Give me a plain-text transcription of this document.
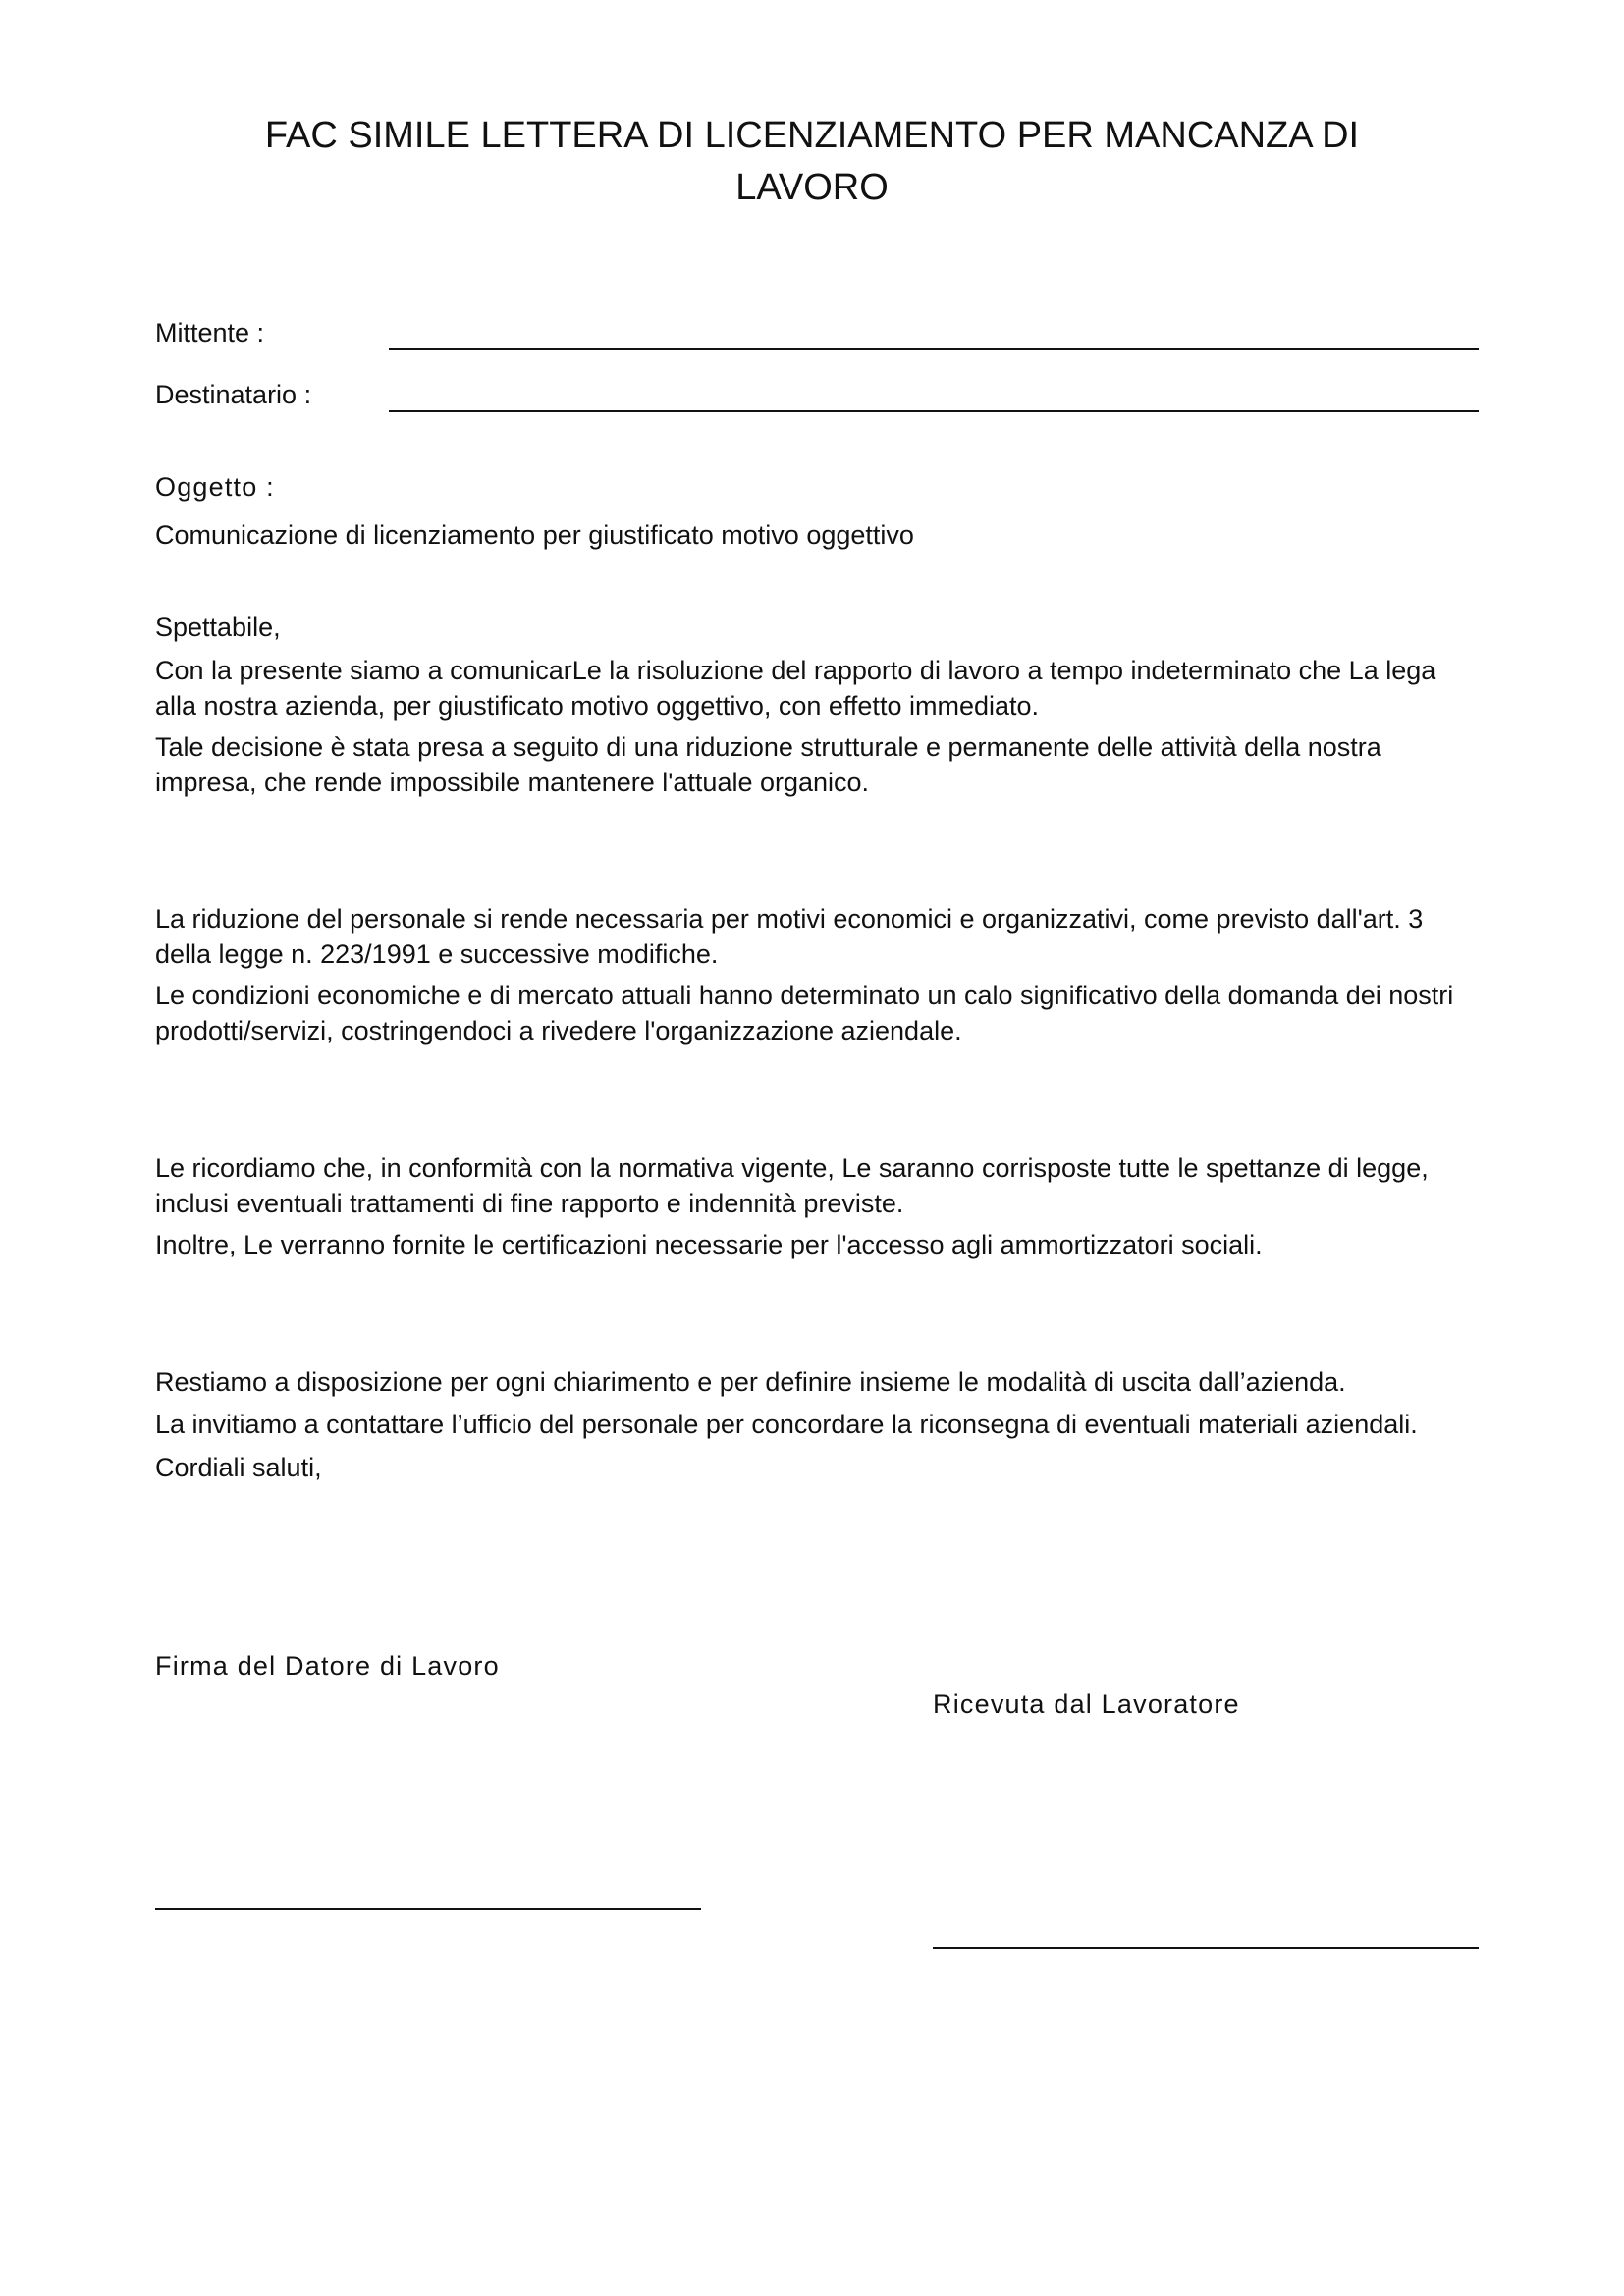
FAC SIMILE LETTERA DI LICENZIAMENTO PER MANCANZA DI
LAVORO
Mittente :
Destinatario :
Oggetto :

Comunicazione di licenziamento per giustificato motivo oggettivo

Spettabile,

Con la presente siamo a comunicarLe la risoluzione del rapporto di lavoro a tempo indeterminato che La lega alla nostra azienda, per giustificato motivo oggettivo, con effetto immediato.

Tale decisione è stata presa a seguito di una riduzione strutturale e permanente delle attività della nostra impresa, che rende impossibile mantenere l'attuale organico.

La riduzione del personale si rende necessaria per motivi economici e organizzativi, come previsto dall'art. 3 della legge n. 223/1991 e successive modifiche.

Le condizioni economiche e di mercato attuali hanno determinato un calo significativo della domanda dei nostri prodotti/servizi, costringendoci a rivedere l'organizzazione aziendale.

Le ricordiamo che, in conformità con la normativa vigente, Le saranno corrisposte tutte le spettanze di legge, inclusi eventuali trattamenti di fine rapporto e indennità previste.

Inoltre, Le verranno fornite le certificazioni necessarie per l'accesso agli ammortizzatori sociali.

Restiamo a disposizione per ogni chiarimento e per definire insieme le modalità di uscita dall’azienda.

La invitiamo a contattare l’ufficio del personale per concordare la riconsegna di eventuali materiali aziendali.

Cordiali saluti,

Firma del Datore di Lavoro
Ricevuta dal Lavoratore
